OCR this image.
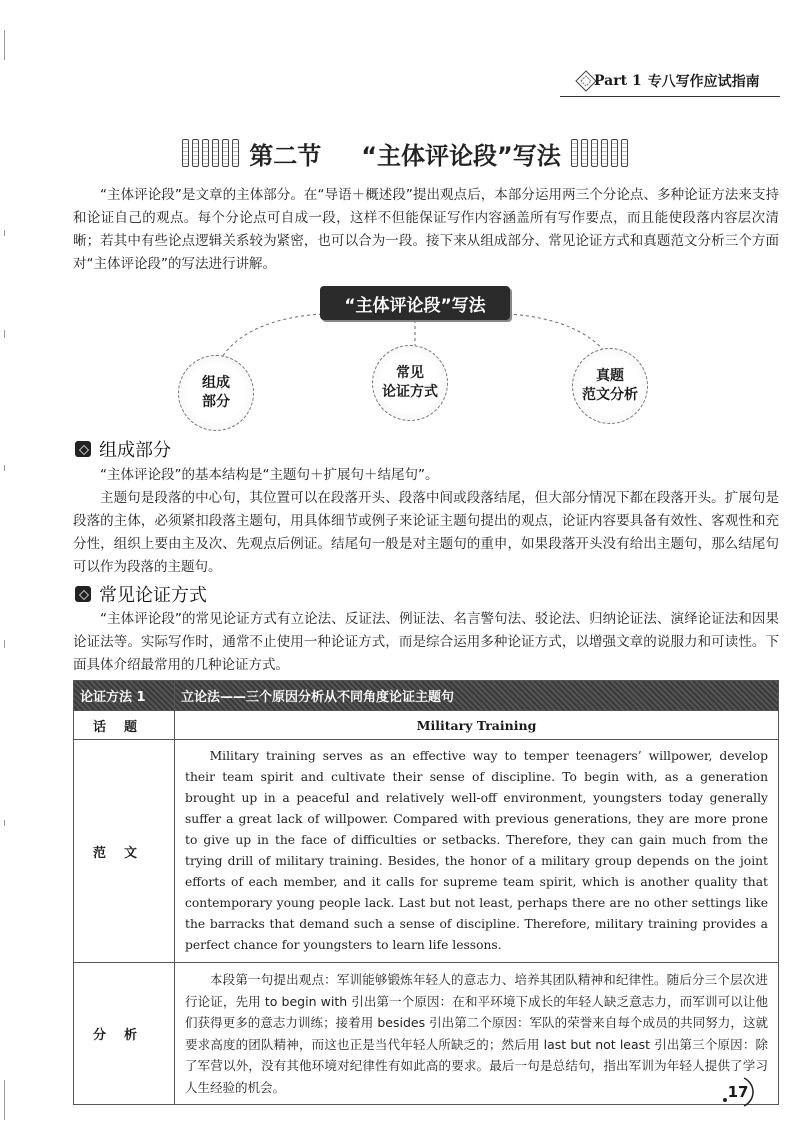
Part 1 专八写作应试指南
第二节 “主体评论段”写法
“主体评论段”是文章的主体部分。在“导语＋概述段”提出观点后，本部分运用两三个分论点、多种论证方法来支持和论证自己的观点。每个分论点可自成一段，这样不但能保证写作内容涵盖所有写作要点，而且能使段落内容层次清晰；若其中有些论点逻辑关系较为紧密，也可以合为一段。接下来从组成部分、常见论证方式和真题范文分析三个方面对“主体评论段”的写法进行讲解。
“主体评论段”写法
组成
部分
常见
论证方式
真题
范文分析
组成部分
“主体评论段”的基本结构是“主题句＋扩展句＋结尾句”。
主题句是段落的中心句，其位置可以在段落开头、段落中间或段落结尾，但大部分情况下都在段落开头。扩展句是段落的主体，必须紧扣段落主题句，用具体细节或例子来论证主题句提出的观点，论证内容要具备有效性、客观性和充分性，组织上要由主及次、先观点后例证。结尾句一般是对主题句的重申，如果段落开头没有给出主题句，那么结尾句可以作为段落的主题句。
常见论证方式
“主体评论段”的常见论证方式有立论法、反证法、例证法、名言警句法、驳论法、归纳论证法、演绎论证法和因果论证法等。实际写作时，通常不止使用一种论证方式，而是综合运用多种论证方式，以增强文章的说服力和可读性。下面具体介绍最常用的几种论证方式。
论证方法 1	立论法——三个原因分析从不同角度论证主题句
话题	Military Training
范文	Military training serves as an effective way to temper teenagers’ willpower, develop their team spirit and cultivate their sense of discipline. To begin with, as a generation brought up in a peaceful and relatively well-off environment, youngsters today generally suffer a great lack of willpower. Compared with previous generations, they are more prone to give up in the face of difficulties or setbacks. Therefore, they can gain much from the trying drill of military training. Besides, the honor of a military group depends on the joint efforts of each member, and it calls for supreme team spirit, which is another quality that contemporary young people lack. Last but not least, perhaps there are no other settings like the barracks that demand such a sense of discipline. Therefore, military training provides a perfect chance for youngsters to learn life lessons.
分析	本段第一句提出观点：军训能够锻炼年轻人的意志力、培养其团队精神和纪律性。随后分三个层次进行论证，先用 to begin with 引出第一个原因：在和平环境下成长的年轻人缺乏意志力，而军训可以让他们获得更多的意志力训练；接着用 besides 引出第二个原因：军队的荣誉来自每个成员的共同努力，这就要求高度的团队精神，而这也正是当代年轻人所缺乏的；然后用 last but not least 引出第三个原因：除了军营以外，没有其他环境对纪律性有如此高的要求。最后一句是总结句，指出军训为年轻人提供了学习人生经验的机会。	17
